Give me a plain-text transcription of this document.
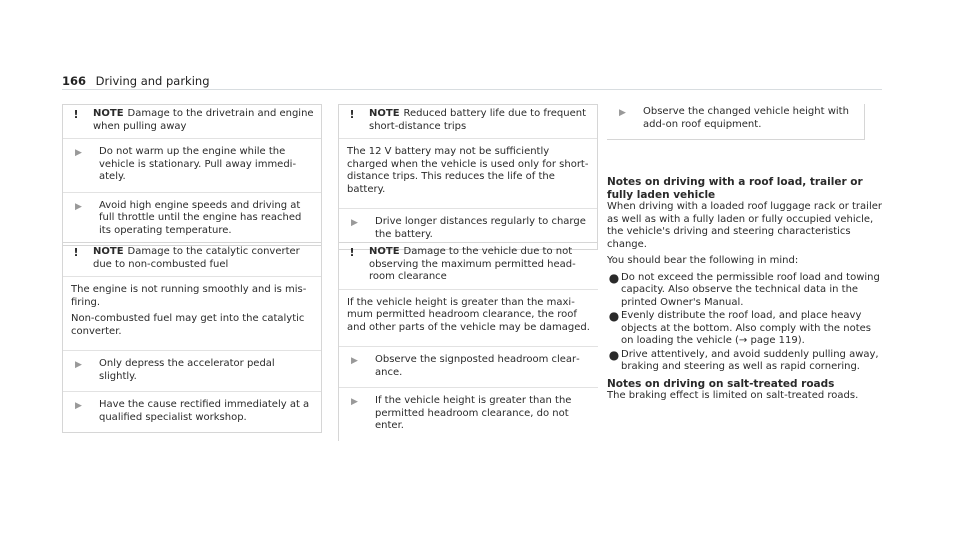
166 Driving and parking
!	NOTE Damage to the drivetrain and engine when pulling away
▶	Do not warm up the engine while the vehicle is stationary. Pull away immediately.
▶	Avoid high engine speeds and driving at full throttle until the engine has reached its operating temperature.
!	NOTE Damage to the catalytic converter due to non-combusted fuel

The engine is not running smoothly and is misfiring.

Non-combusted fuel may get into the catalytic converter.

▶	Only depress the accelerator pedal slightly.
▶	Have the cause rectified immediately at a qualified specialist workshop.
!	NOTE Reduced battery life due to frequent short-distance trips

The 12 V battery may not be sufficiently charged when the vehicle is used only for short-distance trips. This reduces the life of the battery.

▶	Drive longer distances regularly to charge the battery.
!	NOTE Damage to the vehicle due to not observing the maximum permitted headroom clearance

If the vehicle height is greater than the maximum permitted headroom clearance, the roof and other parts of the vehicle may be damaged.

▶	Observe the signposted headroom clearance.
▶	If the vehicle height is greater than the permitted headroom clearance, do not enter.
▶	Observe the changed vehicle height with add-on roof equipment.
Notes on driving with a roof load, trailer or fully laden vehicle

When driving with a loaded roof luggage rack or trailer as well as with a fully laden or fully occupied vehicle, the vehicle's driving and steering characteristics change.

You should bear the following in mind:

● Do not exceed the permissible roof load and towing capacity. Also observe the technical data in the printed Owner's Manual.
● Evenly distribute the roof load, and place heavy objects at the bottom. Also comply with the notes on loading the vehicle (→ page 119).
● Drive attentively, and avoid suddenly pulling away, braking and steering as well as rapid cornering.
Notes on driving on salt-treated roads

The braking effect is limited on salt-treated roads.
